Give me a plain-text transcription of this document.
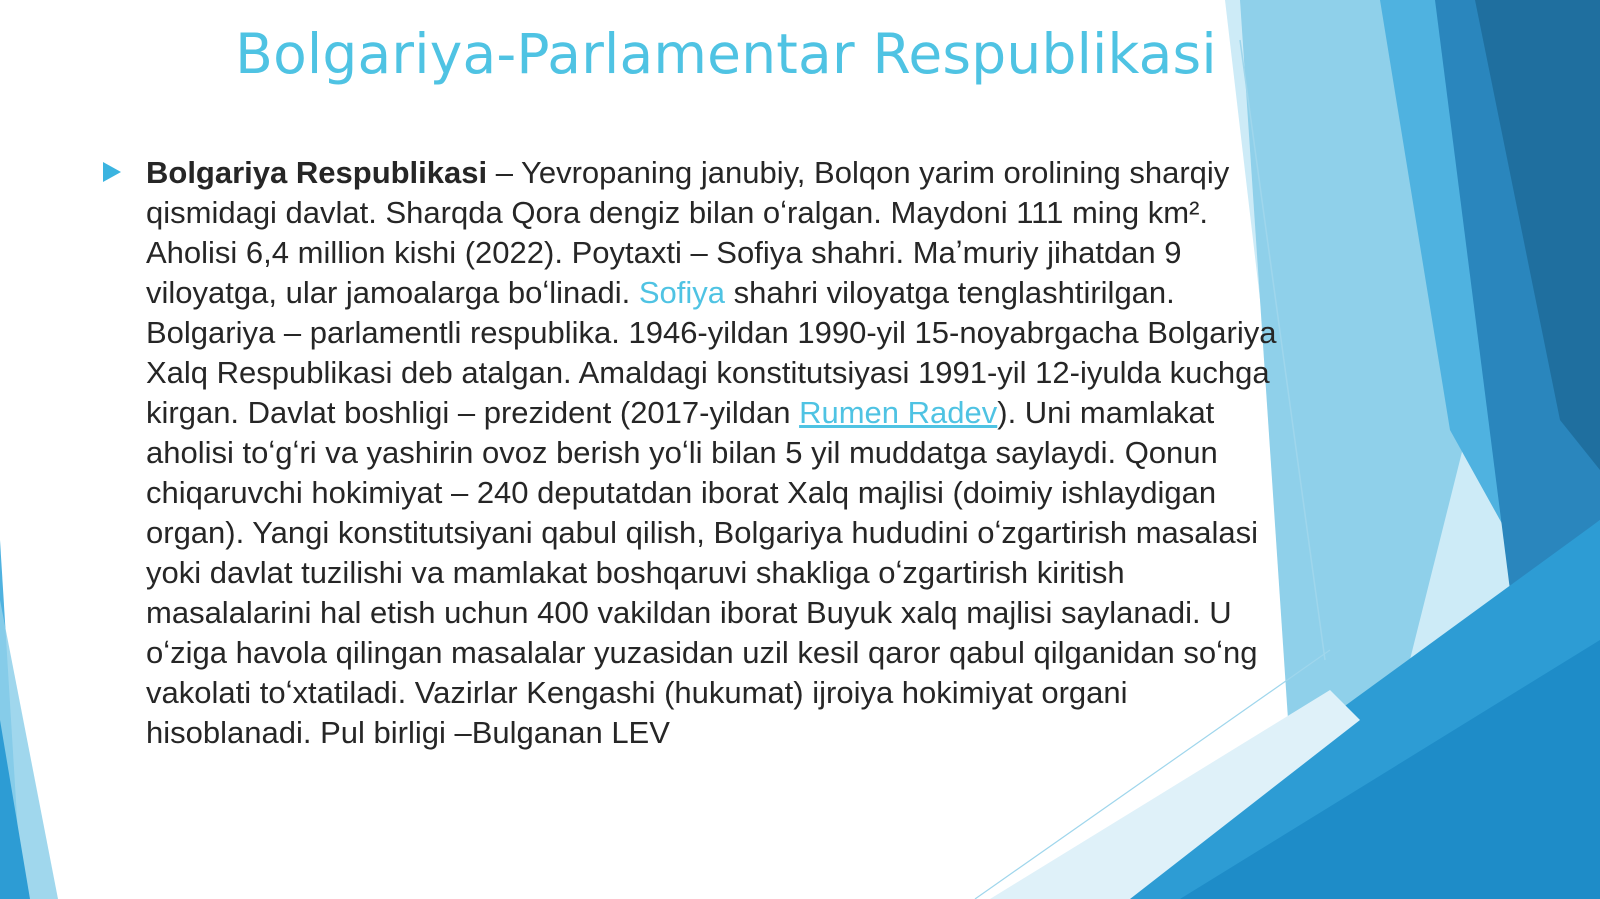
Bolgariya-Parlamentar Respublikasi

Bolgariya Respublikasi – Yevropaning janubiy, Bolqon yarim orolining sharqiy qismidagi davlat. Sharqda Qora dengiz bilan oʻralgan. Maydoni 111 ming km². Aholisi 6,4 million kishi (2022). Poytaxti – Sofiya shahri. Maʼmuriy jihatdan 9 viloyatga, ular jamoalarga boʻlinadi. Sofiya shahri viloyatga tenglashtirilgan. Bolgariya – parlamentli respublika. 1946-yildan 1990-yil 15-noyabrgacha Bolgariya Xalq Respublikasi deb atalgan. Amaldagi konstitutsiyasi 1991-yil 12-iyulda kuchga kirgan. Davlat boshligi – prezident (2017-yildan Rumen Radev). Uni mamlakat aholisi toʻgʻri va yashirin ovoz berish yoʻli bilan 5 yil muddatga saylaydi. Qonun chiqaruvchi hokimiyat – 240 deputatdan iborat Xalq majlisi (doimiy ishlaydigan organ). Yangi konstitutsiyani qabul qilish, Bolgariya hududini oʻzgartirish masalasi yoki davlat tuzilishi va mamlakat boshqaruvi shakliga oʻzgartirish kiritish masalalarini hal etish uchun 400 vakildan iborat Buyuk xalq majlisi saylanadi. U oʻziga havola qilingan masalalar yuzasidan uzil kesil qaror qabul qilganidan soʻng vakolati toʻxtatiladi. Vazirlar Kengashi (hukumat) ijroiya hokimiyat organi hisoblanadi. Pul birligi –Bulganan LEV
